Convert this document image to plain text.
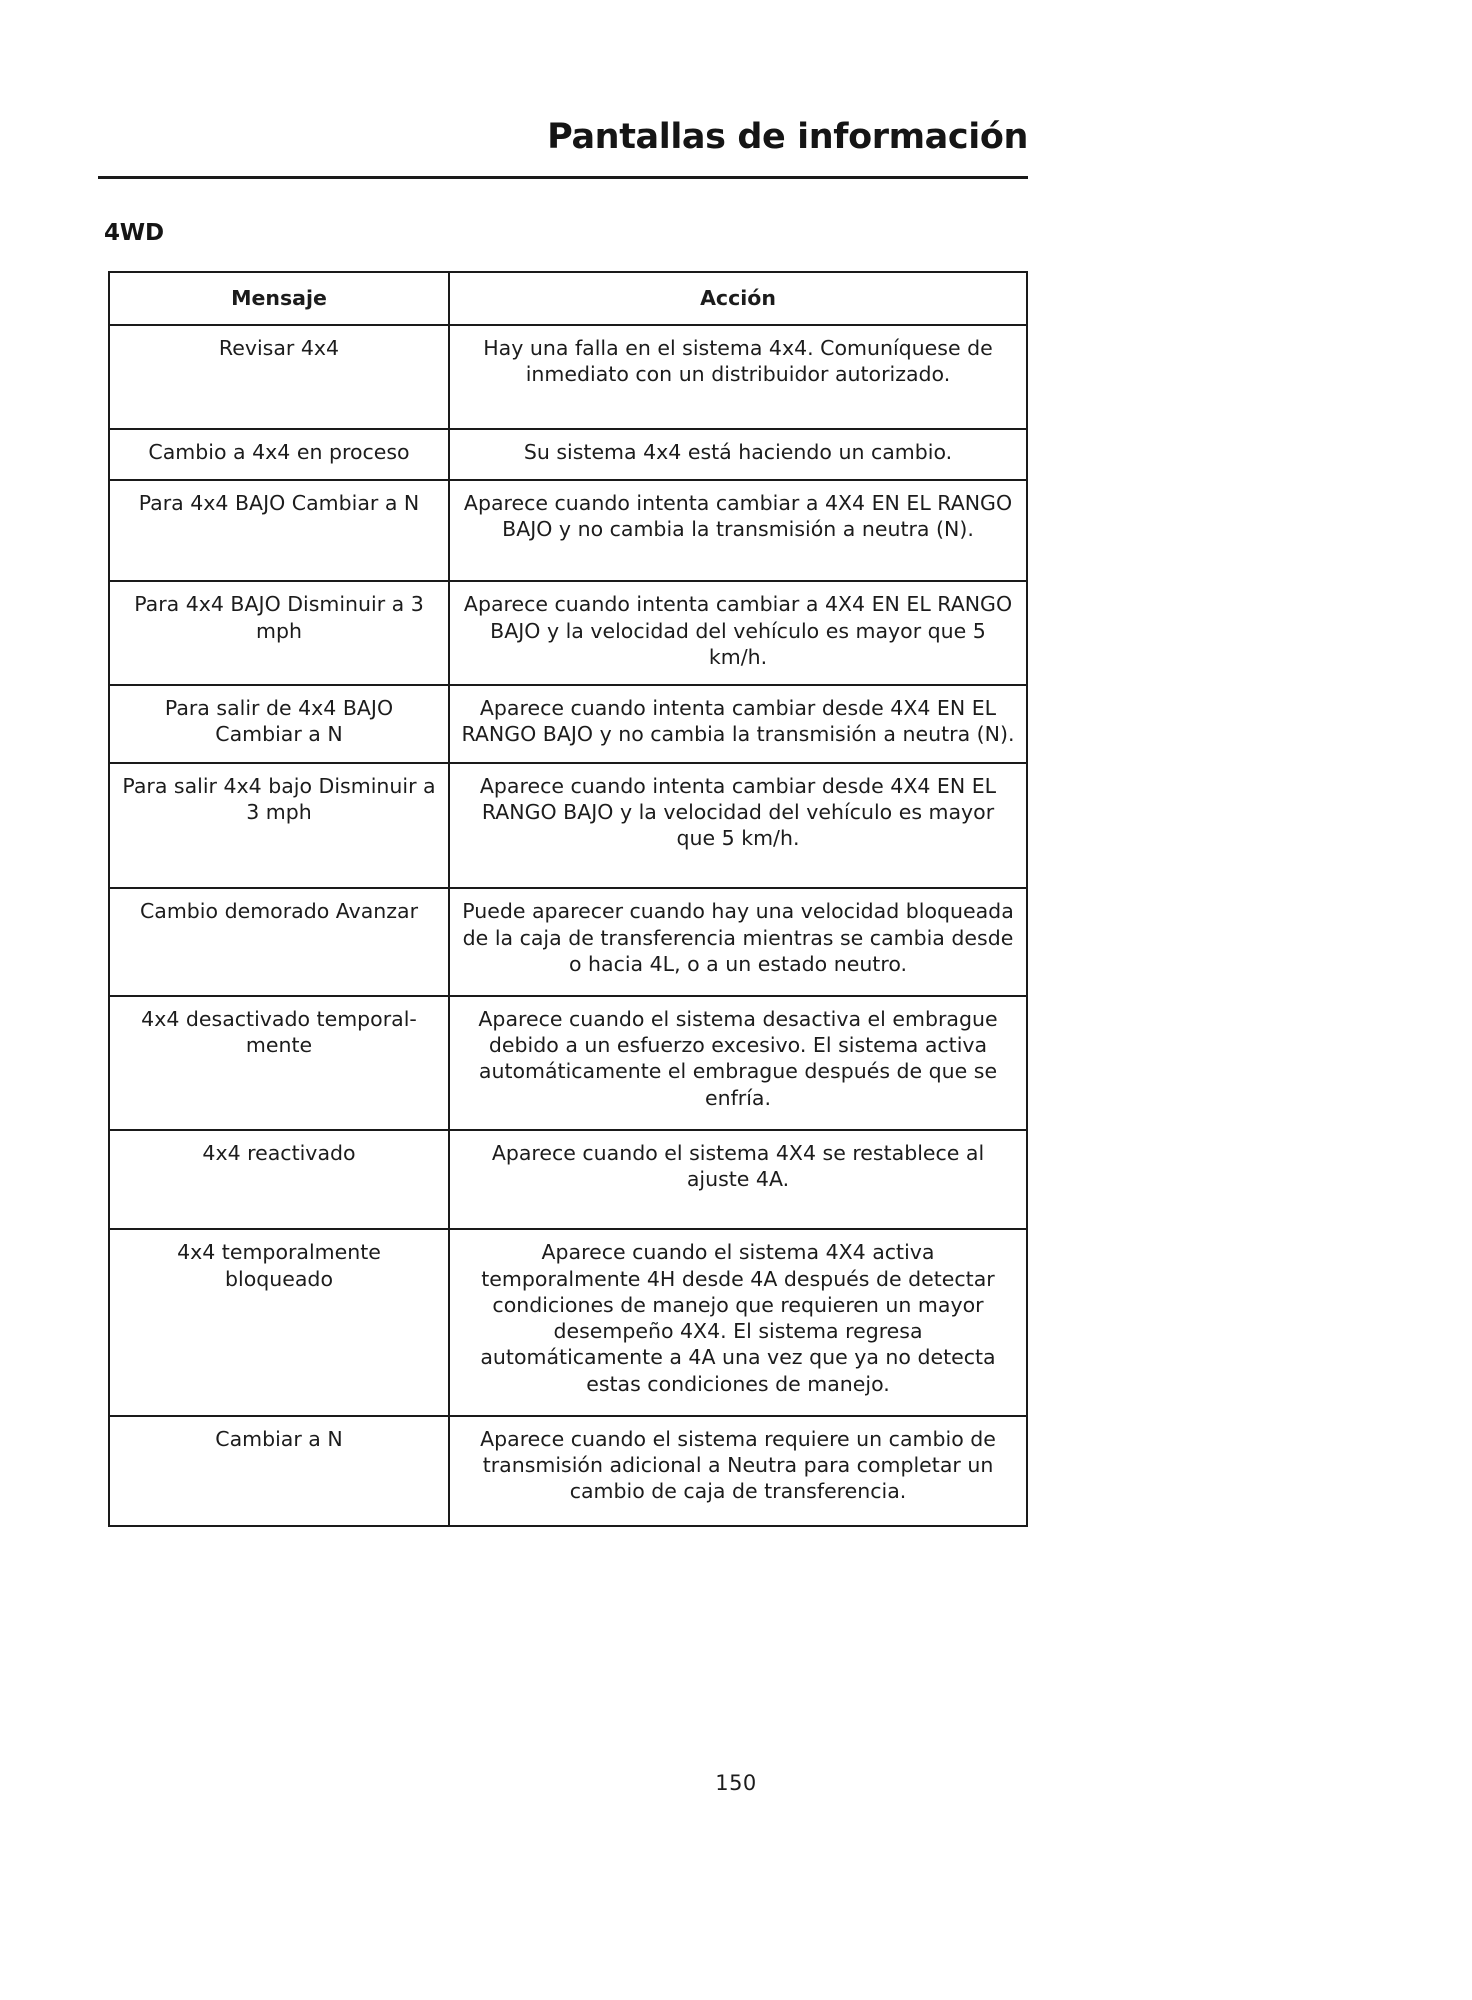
Pantallas de información
4WD
Mensaje	Acción
Revisar 4x4	Hay una falla en el sistema 4x4. Comuníquese de inmediato con un distribuidor autorizado.
Cambio a 4x4 en proceso	Su sistema 4x4 está haciendo un cambio.
Para 4x4 BAJO Cambiar a N	Aparece cuando intenta cambiar a 4X4 EN EL RANGO BAJO y no cambia la transmisión a neutra (N).
Para 4x4 BAJO Disminuir a 3 mph	Aparece cuando intenta cambiar a 4X4 EN EL RANGO BAJO y la velocidad del vehículo es mayor que 5 km/h.
Para salir de 4x4 BAJO Cambiar a N	Aparece cuando intenta cambiar desde 4X4 EN EL RANGO BAJO y no cambia la transmisión a neutra (N).
Para salir 4x4 bajo Disminuir a 3 mph	Aparece cuando intenta cambiar desde 4X4 EN EL RANGO BAJO y la velocidad del vehículo es mayor que 5 km/h.
Cambio demorado Avanzar	Puede aparecer cuando hay una velocidad bloqueada de la caja de transferencia mientras se cambia desde o hacia 4L, o a un estado neutro.
4x4 desactivado temporal-mente	Aparece cuando el sistema desactiva el embrague debido a un esfuerzo excesivo. El sistema activa automáticamente el embrague después de que se enfría.
4x4 reactivado	Aparece cuando el sistema 4X4 se restablece al ajuste 4A.
4x4 temporalmente bloqueado	Aparece cuando el sistema 4X4 activa temporalmente 4H desde 4A después de detectar condiciones de manejo que requieren un mayor desempeño 4X4. El sistema regresa automáticamente a 4A una vez que ya no detecta estas condiciones de manejo.
Cambiar a N	Aparece cuando el sistema requiere un cambio de transmisión adicional a Neutra para completar un cambio de caja de transferencia.
150
